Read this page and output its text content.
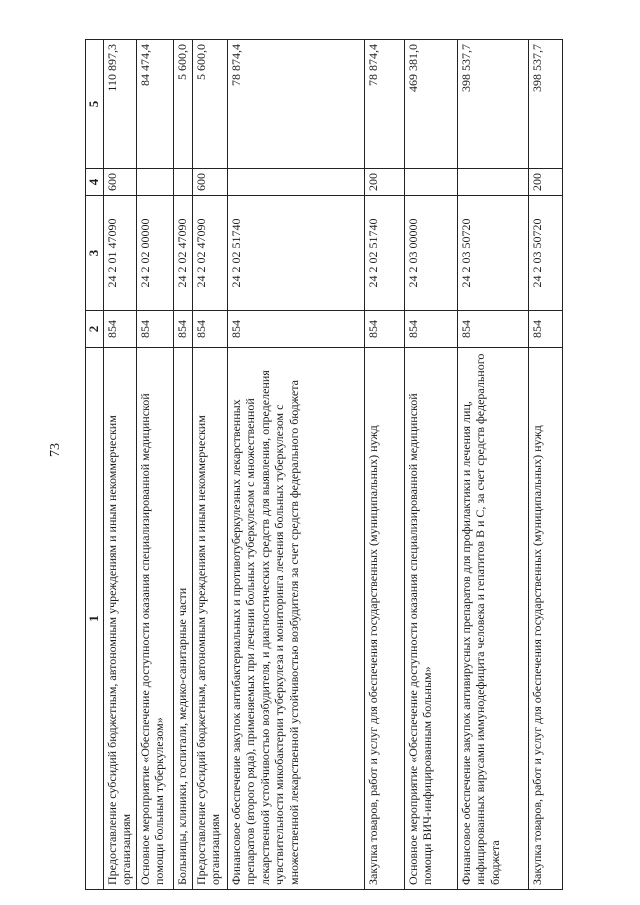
73
1	2	3	4	5
Предоставление субсидий бюджетным, автономным учреждениям и иным некоммерческим организациям	854	24 2 01 47090	600	110 897,3
Основное мероприятие «Обеспечение доступности оказания специализированной медицинской помощи больным туберкулезом»	854	24 2 02 00000		84 474,4
Больницы, клиники, госпитали, медико-санитарные части	854	24 2 02 47090		5 600,0
Предоставление субсидий бюджетным, автономным учреждениям и иным некоммерческим организациям	854	24 2 02 47090	600	5 600,0
Финансовое обеспечение закупок антибактериальных и противотуберкулезных лекарственных препаратов (второго ряда), применяемых при лечении больных туберкулезом с множественной лекарственной устойчивостью возбудителя, и диагностических средств для выявления, определения чувствительности микобактерии туберкулеза и мониторинга лечения больных туберкулезом с множественной лекарственной устойчивостью возбудителя за счет средств федерального бюджета	854	24 2 02 51740		78 874,4
Закупка товаров, работ и услуг для обеспечения государственных (муниципальных) нужд	854	24 2 02 51740	200	78 874,4
Основное мероприятие «Обеспечение доступности оказания специализированной медицинской помощи ВИЧ-инфицированным больным»	854	24 2 03 00000		469 381,0
Финансовое обеспечение закупок антивирусных препаратов для профилактики и лечения лиц, инфицированных вирусами иммунодефицита человека и гепатитов B и C, за счет средств федерального бюджета	854	24 2 03 50720		398 537,7
Закупка товаров, работ и услуг для обеспечения государственных (муниципальных) нужд	854	24 2 03 50720	200	398 537,7
